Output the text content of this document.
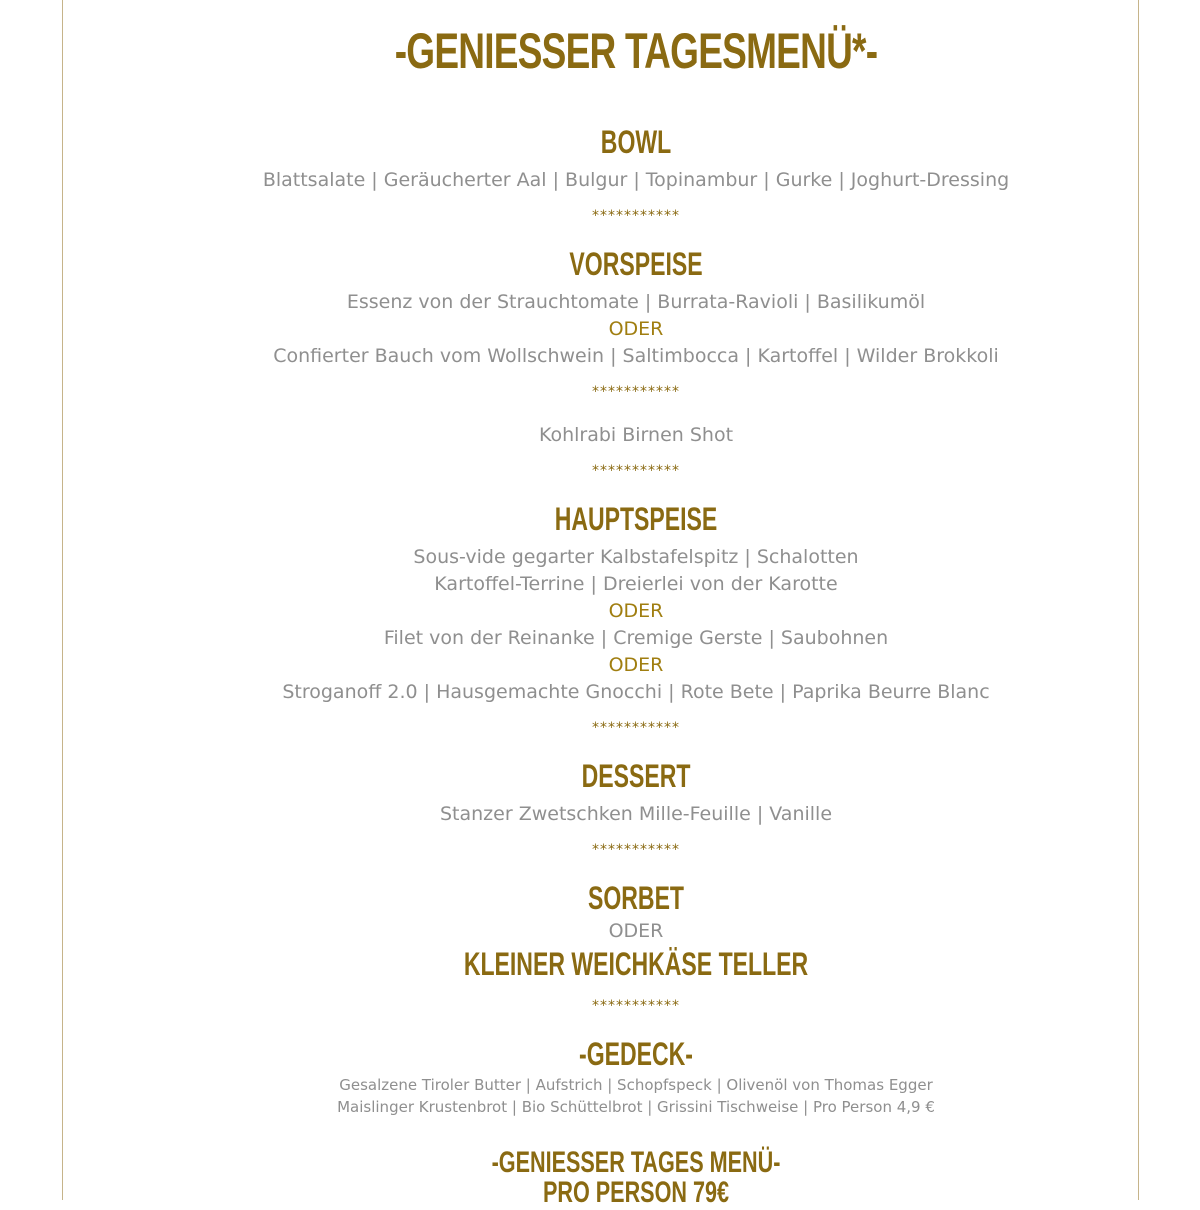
-GENIESSER TAGESMENÜ*-
BOWL
Blattsalate | Geräucherter Aal | Bulgur | Topinambur | Gurke | Joghurt-Dressing
***********
VORSPEISE
Essenz von der Strauchtomate | Burrata-Ravioli | Basilikumöl
ODER
Confierter Bauch vom Wollschwein | Saltimbocca | Kartoffel | Wilder Brokkoli
***********
Kohlrabi Birnen Shot
***********
HAUPTSPEISE
Sous-vide gegarter Kalbstafelspitz | Schalotten
Kartoffel-Terrine | Dreierlei von der Karotte
ODER
Filet von der Reinanke | Cremige Gerste | Saubohnen
ODER
Stroganoff 2.0 | Hausgemachte Gnocchi | Rote Bete | Paprika Beurre Blanc
***********
DESSERT
Stanzer Zwetschken Mille-Feuille | Vanille
***********
SORBET
ODER
KLEINER WEICHKÄSE TELLER
***********
-GEDECK-
Gesalzene Tiroler Butter | Aufstrich | Schopfspeck | Olivenöl von Thomas Egger
Maislinger Krustenbrot | Bio Schüttelbrot | Grissini Tischweise | Pro Person 4,9 €
-GENIESSER TAGES MENÜ-
PRO PERSON 79€
